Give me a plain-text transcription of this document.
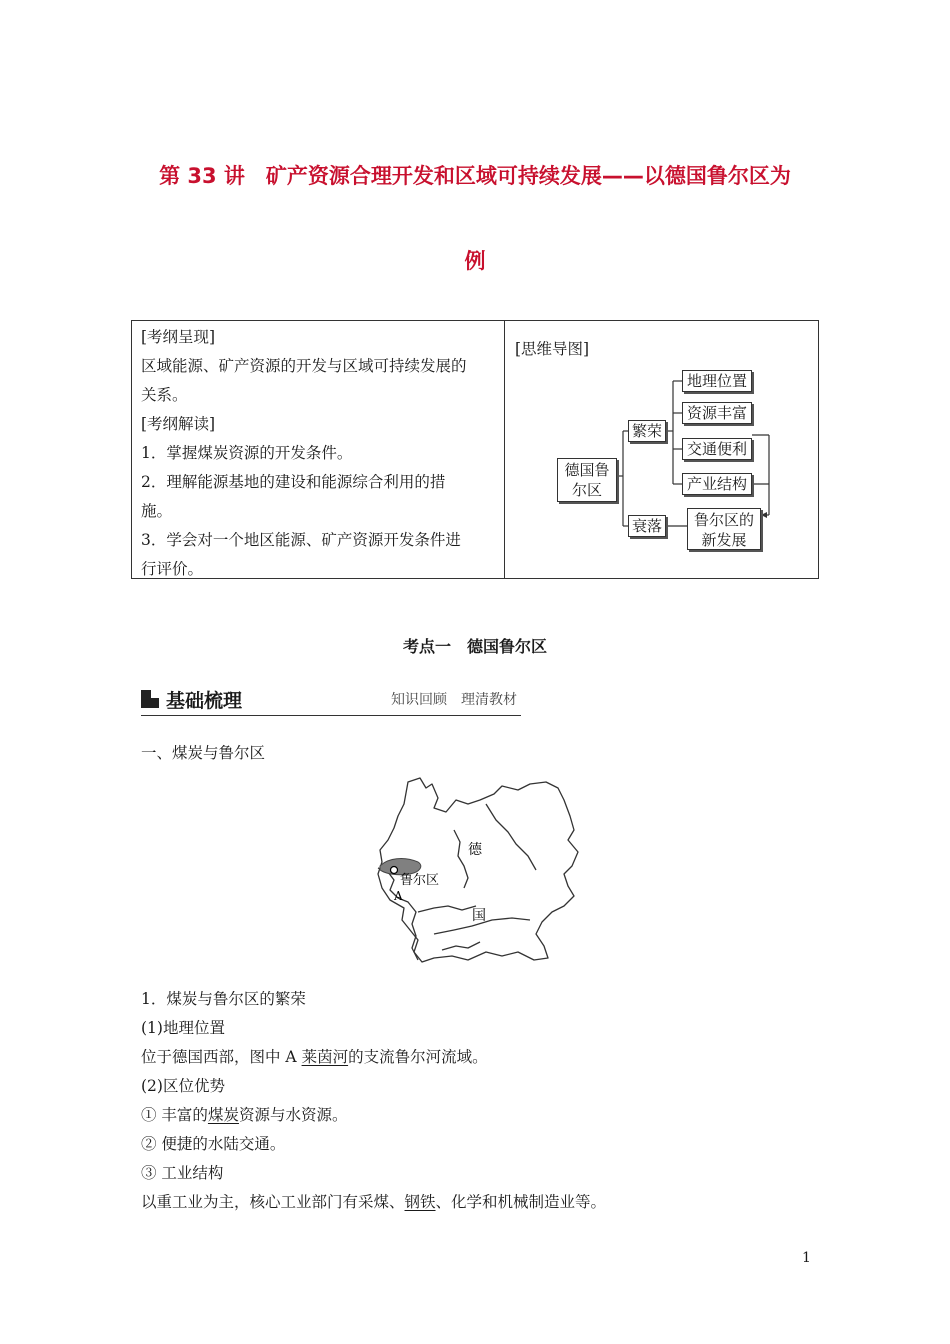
第 33 讲　矿产资源合理开发和区域可持续发展——以德国鲁尔区为
例
[考纲呈现]
区域能源、矿产资源的开发与区域可持续发展的
关系。
[考纲解读]
1．掌握煤炭资源的开发条件。
2．理解能源基地的建设和能源综合利用的措
施。
3．学会对一个地区能源、矿产资源开发条件进
行评价。
[思维导图]
德国鲁
尔区
繁荣
衰落
地理位置
资源丰富
交通便利
产业结构
鲁尔区的
新发展
考点一　德国鲁尔区
基础梳理	知识回顾　理清教材
一、煤炭与鲁尔区
德
鲁尔区
A
国
1．煤炭与鲁尔区的繁荣
(1)地理位置
位于德国西部，图中 A 莱茵河的支流鲁尔河流域。
(2)区位优势
① 丰富的煤炭资源与水资源。
② 便捷的水陆交通。
③ 工业结构
以重工业为主，核心工业部门有采煤、钢铁、化学和机械制造业等。
1
